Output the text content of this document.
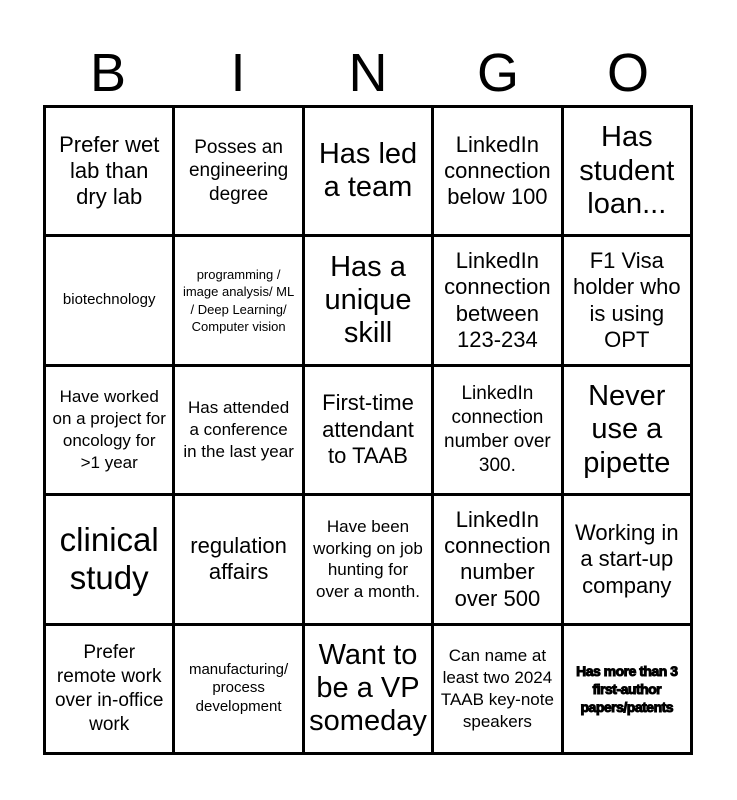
B	I	N	G	O
Prefer wet lab than dry lab
Posses an engineering degree
Has led a team
LinkedIn connection below 100
Has student loan...
biotechnology
programming / image analysis/ ML / Deep Learning/ Computer vision
Has a unique skill
LinkedIn connection between 123-234
F1 Visa holder who is using OPT
Have worked on a project for oncology for >1 year
Has attended a conference in the last year
First-time attendant to TAAB
LinkedIn connection number over 300.
Never use a pipette
clinical study
regulation affairs
Have been working on job hunting for over a month.
LinkedIn connection number over 500
Working in a start-up company
Prefer remote work over in-office work
manufacturing/ process development
Want to be a VP someday
Can name at least two 2024 TAAB key-note speakers
Has more than 3 first-author papers/patents
